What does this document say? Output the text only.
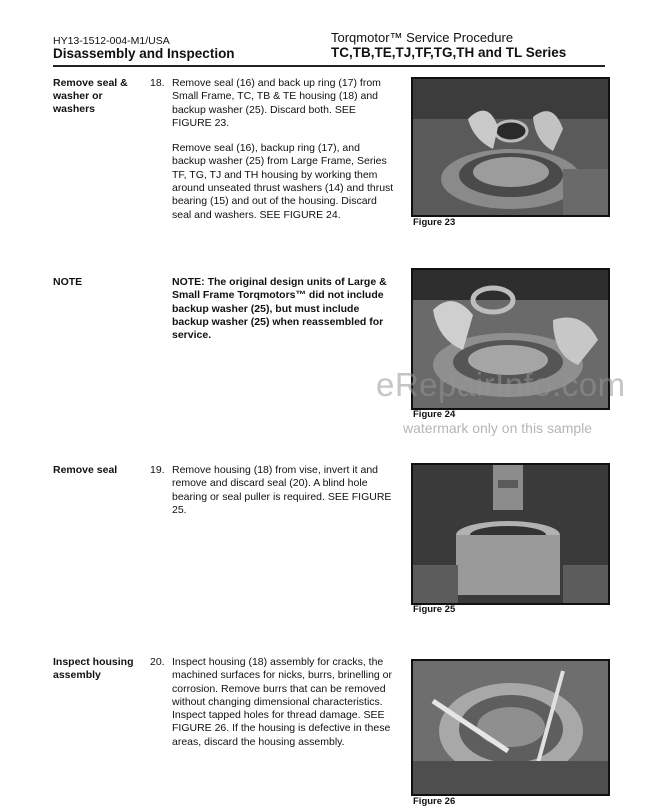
HY13-1512-004-M1/USA
Disassembly and Inspection
Torqmotor™ Service Procedure
TC,TB,TE,TJ,TF,TG,TH and TL Series
Remove seal & washer or washers
18. Remove seal (16) and back up ring (17) from Small Frame, TC, TB & TE housing (18) and backup washer (25). Discard both. SEE FIGURE 23.

Remove seal (16), backup ring (17), and backup washer (25) from Large Frame, Series TF, TG, TJ and TH housing by working them around unseated thrust washers (14) and thrust bearing (15) and out of the housing. Discard seal and washers. SEE FIGURE 24.

Figure 23
NOTE	NOTE: The original design units of Large & Small Frame Torqmotors™ did not include backup washer (25), but must include backup washer (25) when reassembled for service.
Figure 24
Remove seal	19. Remove housing (18) from vise, invert it and remove and discard seal (20). A blind hole bearing or seal puller is required. SEE FIGURE 25.

Figure 25
Inspect housing assembly
20. Inspect housing (18) assembly for cracks, the machined surfaces for nicks, burrs, brinelling or corrosion. Remove burrs that can be removed without changing dimensional characteristics. Inspect tapped holes for thread damage. SEE FIGURE 26. If the housing is defective in these areas, discard the housing assembly.

Figure 26
eRepairInfo.com
watermark only on this sample
